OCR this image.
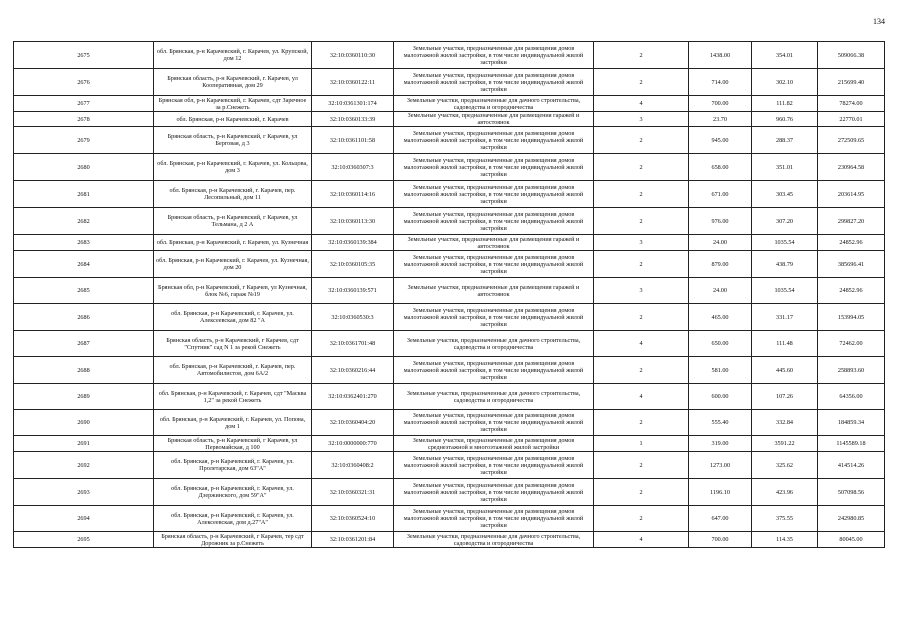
134
2675	обл. Брянская, р-н Карачевский, г. Карачев, ул. Крупской, дом 12	32:10:0360110:30	Земельные участки, предназначенные для размещения домов малоэтажной жилой застройки, в том числе индивидуальной жилой застройки	2	1438.00	354.01	509066.38
2676	Брянская область, р-н Карачевский, г. Карачев, ул Кооперативная, дом 29	32:10:0360122:11	Земельные участки, предназначенные для размещения домов малоэтажной жилой застройки, в том числе индивидуальной жилой застройки	2	714.00	302.10	215699.40
2677	Брянская обл, р-н Карачевский, г. Карачев, сдт Заречное за р.Снежеть	32:10:0361301:174	Земельные участки, предназначенные для дачного строительства, садоводства и огородничества	4	700.00	111.82	78274.00
2678	обл. Брянская, р-н Карачевский, г. Карачев	32:10:0360133:39	Земельные участки, предназначенные для размещения гаражей и автостоянок	3	23.70	960.76	22770.01
2679	Брянская область, р-н Карачевский, г Карачев, ул Берговая, д 3	32:10:0361101:58	Земельные участки, предназначенные для размещения домов малоэтажной жилой застройки, в том числе индивидуальной жилой застройки	2	945.00	288.37	272509.65
2680	обл. Брянская, р-н Карачевский, г. Карачев, ул. Кольцова, дом 3	32:10:0360307:3	Земельные участки, предназначенные для размещения домов малоэтажной жилой застройки, в том числе индивидуальной жилой застройки	2	658.00	351.01	230964.58
2681	обл. Брянская, р-н Карачевский, г. Карачев, пер. Лесопильный, дом 11	32:10:0360114:16	Земельные участки, предназначенные для размещения домов малоэтажной жилой застройки, в том числе индивидуальной жилой застройки	2	671.00	303.45	203614.95
2682	Брянская область, р-н Карачевский, г Карачев, ул Тельмана, д 2 А	32:10:0360113:30	Земельные участки, предназначенные для размещения домов малоэтажной жилой застройки, в том числе индивидуальной жилой застройки	2	976.00	307.20	299827.20
2683	обл. Брянская, р-н Карачевский, г. Карачев, ул. Кузнечная	32:10:0360139:384	Земельные участки, предназначенные для размещения гаражей и автостоянок	3	24.00	1035.54	24852.96
2684	обл. Брянская, р-н Карачевский, г. Карачев, ул. Кузнечная, дом 20	32:10:0360105:35	Земельные участки, предназначенные для размещения домов малоэтажной жилой застройки, в том числе индивидуальной жилой застройки	2	879.00	438.79	385696.41
2685	Брянская обл, р-н Карачевский, г Карачев, ул Кузнечная, блок №6, гараж №19	32:10:0360139:571	Земельные участки, предназначенные для размещения гаражей и автостоянок	3	24.00	1035.54	24852.96
2686	обл. Брянская, р-н Карачевский, г. Карачев, ул. Алексеевская, дом 82 "А	32:10:0360530:3	Земельные участки, предназначенные для размещения домов малоэтажной жилой застройки, в том числе индивидуальной жилой застройки	2	465.00	331.17	153994.05
2687	Брянская область, р-н Карачевский, г Карачев, сдт "Спутник" сад N 1 за рекой Снежеть	32:10:0361701:48	Земельные участки, предназначенные для дачного строительства, садоводства и огородничества	4	650.00	111.48	72462.00
2688	обл. Брянская, р-н Карачевский, г. Карачев, пер. Автомобилистов, дом 6А/2	32:10:0360216:44	Земельные участки, предназначенные для размещения домов малоэтажной жилой застройки, в том числе индивидуальной жилой застройки	2	581.00	445.60	258893.60
2689	обл. Брянская, р-н Карачевский, г. Карачев, сдт "Масква 1,2" за рекой Снежеть	32:10:0362401:270	Земельные участки, предназначенные для дачного строительства, садоводства и огородничества	4	600.00	107.26	64356.00
2690	обл. Брянская, р-н Карачевский, г. Карачев, ул. Попова, дом 1	32:10:0360404:20	Земельные участки, предназначенные для размещения домов малоэтажной жилой застройки, в том числе индивидуальной жилой застройки	2	555.40	332.84	184859.34
2691	Брянская область, р-н Карачевский, г Карачев, ул Первомайская, д 100	32:10:0000000:770	Земельные участки, предназначенные для размещения домов среднеэтажной и многоэтажной жилой застройки	1	319.00	3591.22	1145589.18
2692	обл. Брянская, р-н Карачевский, г. Карачев, ул. Пролетарская, дом 63"А"	32:10:0360408:2	Земельные участки, предназначенные для размещения домов малоэтажной жилой застройки, в том числе индивидуальной жилой застройки	2	1273.00	325.62	414514.26
2693	обл. Брянская, р-н Карачевский, г. Карачев, ул. Дзержинского, дом 59"А"	32:10:0360321:31	Земельные участки, предназначенные для размещения домов малоэтажной жилой застройки, в том числе индивидуальной жилой застройки	2	1196.10	423.96	507098.56
2694	обл. Брянская, р-н Карачевский, г. Карачев, ул. Алексеевская, дом д.27"А"	32:10:0360524:10	Земельные участки, предназначенные для размещения домов малоэтажной жилой застройки, в том числе индивидуальной жилой застройки	2	647.00	375.55	242980.85
2695	Брянская область, р-н Карачевский, г Карачев, тер сдт Дорожник за р.Снежеть	32:10:0361201:84	Земельные участки, предназначенные для дачного строительства, садоводства и огородничества	4	700.00	114.35	80045.00
